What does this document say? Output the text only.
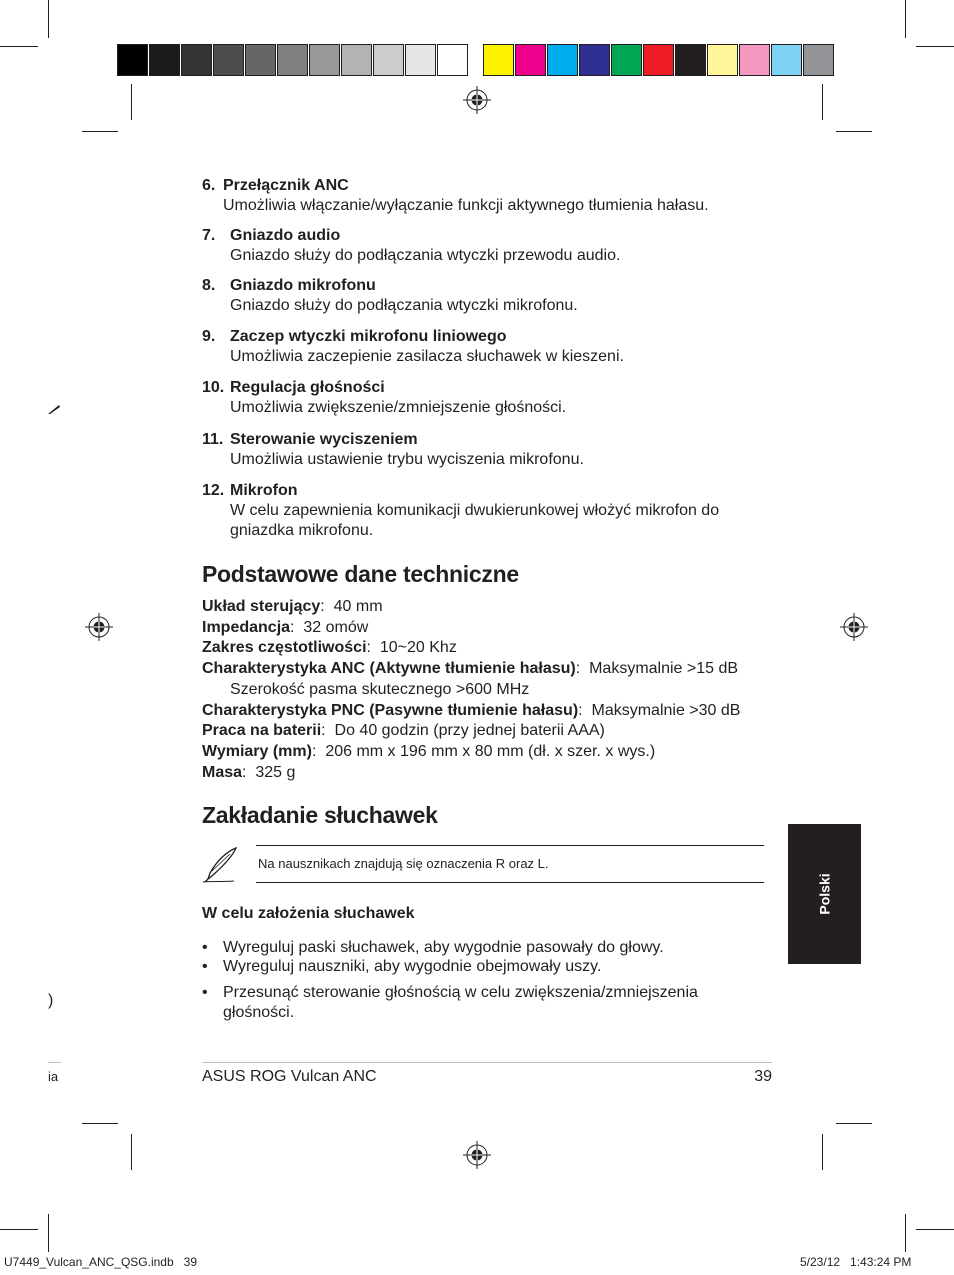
6. Przełącznik ANC
Umożliwia włączanie/wyłączanie funkcji aktywnego tłumienia hałasu.
7. Gniazdo audio
Gniazdo służy do podłączania wtyczki przewodu audio.
8. Gniazdo mikrofonu
Gniazdo służy do podłączania wtyczki mikrofonu.
9. Zaczep wtyczki mikrofonu liniowego
Umożliwia zaczepienie zasilacza słuchawek w kieszeni.
10. Regulacja głośności
Umożliwia zwiększenie/zmniejszenie głośności.
11. Sterowanie wyciszeniem
Umożliwia ustawienie trybu wyciszenia mikrofonu.
12. Mikrofon
W celu zapewnienia komunikacji dwukierunkowej włożyć mikrofon do
gniazdka mikrofonu.
Podstawowe dane techniczne
Układ sterujący:  40 mm
Impedancja:  32 omów
Zakres częstotliwości:  10~20 Khz
Charakterystyka ANC (Aktywne tłumienie hałasu):  Maksymalnie >15 dB
Szerokość pasma skutecznego >600 MHz
Charakterystyka PNC (Pasywne tłumienie hałasu):  Maksymalnie >30 dB
Praca na baterii:  Do 40 godzin (przy jednej baterii AAA)
Wymiary (mm):  206 mm x 196 mm x 80 mm (dł. x szer. x wys.)
Masa:  325 g
Zakładanie słuchawek
Na nausznikach znajdują się oznaczenia R oraz L.
W celu założenia słuchawek
• Wyreguluj paski słuchawek, aby wygodnie pasowały do głowy.
• Wyreguluj nauszniki, aby wygodnie obejmowały uszy.
• Przesunąć sterowanie głośnością w celu zwiększenia/zmniejszenia głośności.
Polski
)
ia	ASUS ROG Vulcan ANC	39
U7449_Vulcan_ANC_QSG.indb   39	5/23/12   1:43:24 PM
